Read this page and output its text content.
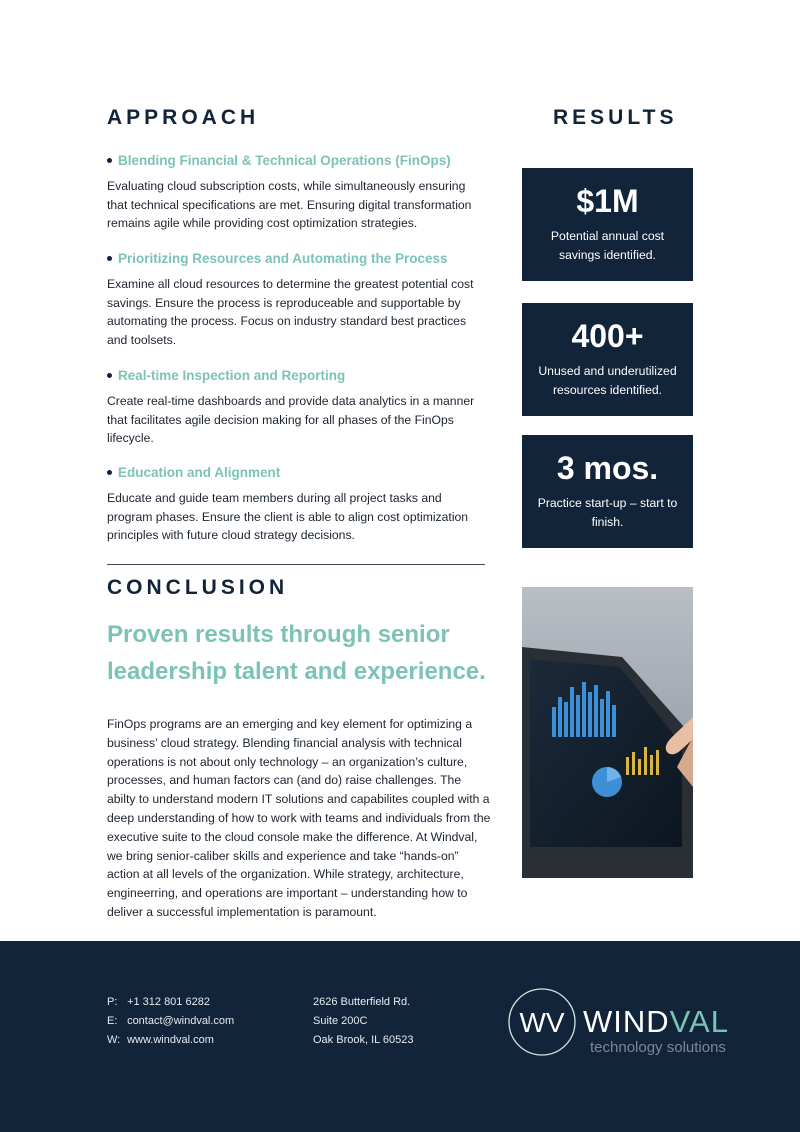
APPROACH
Blending Financial & Technical Operations (FinOps)
Evaluating cloud subscription costs, while simultaneously ensuring that technical specifications are met. Ensuring digital transformation remains agile while providing cost optimization strategies.
Prioritizing Resources and Automating the Process
Examine all cloud resources to determine the greatest potential cost savings. Ensure the process is reproduceable and supportable by automating the process. Focus on industry standard best practices and toolsets.
Real-time Inspection and Reporting
Create real-time dashboards and provide data analytics in a manner that facilitates agile decision making for all phases of the FinOps lifecycle.
Education and Alignment
Educate and guide team members during all project tasks and program phases. Ensure the client is able to align cost optimization principles with future cloud strategy decisions.
RESULTS
$1M
Potential annual cost savings identified.
400+
Unused and underutilized resources identified.
3 mos.
Practice start-up – start to finish.
CONCLUSION
Proven results through senior leadership talent and experience.
FinOps programs are an emerging and key element for optimizing a business’ cloud strategy. Blending financial analysis with technical operations is not about only technology – an organization’s culture, processes, and human factors can (and do) raise challenges. The abilty to understand modern IT solutions and capabilites coupled with a deep understanding of how to work with teams and individuals from the executive suite to the cloud console make the difference. At Windval, we bring senior-caliber skills and experience and take “hands-on” action at all levels of the organization. While strategy, architecture, engineerring, and operations are important – understanding how to deliver a successful implementation is paramount.
P: +1 312 801 6282
E: contact@windval.com
W: www.windval.com
2626 Butterfield Rd.
Suite 200C
Oak Brook, IL 60523
WV WINDVAL
technology solutions
